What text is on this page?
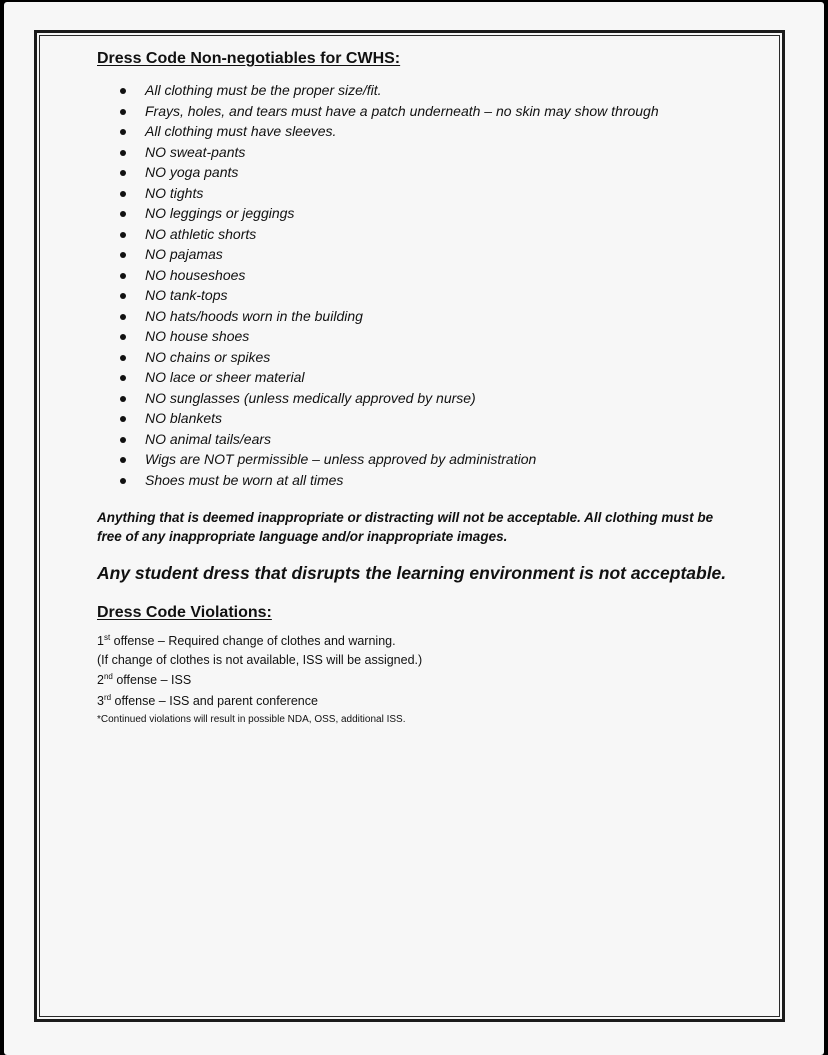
Dress Code Non-negotiables for CWHS:
All clothing must be the proper size/fit.
Frays, holes, and tears must have a patch underneath – no skin may show through
All clothing must have sleeves.
NO sweat-pants
NO yoga pants
NO tights
NO leggings or jeggings
NO athletic shorts
NO pajamas
NO houseshoes
NO tank-tops
NO hats/hoods worn in the building
NO house shoes
NO chains or spikes
NO lace or sheer material
NO sunglasses (unless medically approved by nurse)
NO blankets
NO animal tails/ears
Wigs are NOT permissible – unless approved by administration
Shoes must be worn at all times
Anything that is deemed inappropriate or distracting will not be acceptable. All clothing must be free of any inappropriate language and/or inappropriate images.
Any student dress that disrupts the learning environment is not acceptable.
Dress Code Violations:
1st offense – Required change of clothes and warning.
(If change of clothes is not available, ISS will be assigned.)
2nd offense – ISS
3rd offense – ISS and parent conference
*Continued violations will result in possible NDA, OSS, additional ISS.
